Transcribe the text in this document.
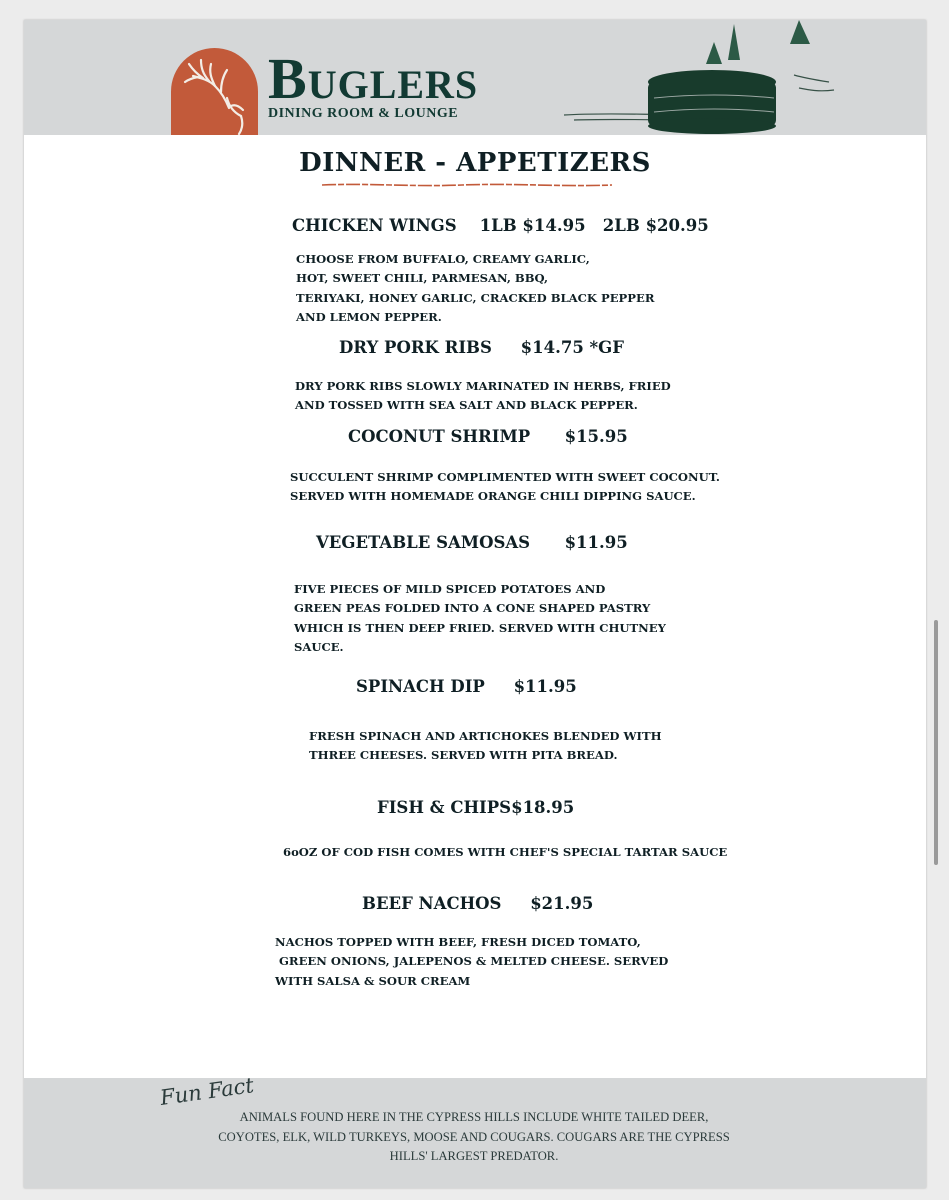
BUGLERS
DINING ROOM & LOUNGE
DINNER - APPETIZERS
CHICKEN WINGS 1LB $14.95   2LB $20.95
CHOOSE FROM BUFFALO, CREAMY GARLIC,
HOT, SWEET CHILI, PARMESAN, BBQ,
TERIYAKI, HONEY GARLIC, CRACKED BLACK PEPPER
AND LEMON PEPPER.
DRY PORK RIBS $14.75 *GF
DRY PORK RIBS SLOWLY MARINATED IN HERBS, FRIED
AND TOSSED WITH SEA SALT AND BLACK PEPPER.
COCONUT SHRIMP $15.95
SUCCULENT SHRIMP COMPLIMENTED WITH SWEET COCONUT.
SERVED WITH HOMEMADE ORANGE CHILI DIPPING SAUCE.
VEGETABLE SAMOSAS $11.95
FIVE PIECES OF MILD SPICED POTATOES AND
GREEN PEAS FOLDED INTO A CONE SHAPED PASTRY
WHICH IS THEN DEEP FRIED. SERVED WITH CHUTNEY
SAUCE.
SPINACH DIP $11.95
FRESH SPINACH AND ARTICHOKES BLENDED WITH
THREE CHEESES. SERVED WITH PITA BREAD.
FISH & CHIPS$18.95
6oOZ OF COD FISH COMES WITH CHEF'S SPECIAL TARTAR SAUCE
BEEF NACHOS $21.95
NACHOS TOPPED WITH BEEF, FRESH DICED TOMATO,
GREEN ONIONS, JALEPENOS & MELTED CHEESE. SERVED
WITH SALSA & SOUR CREAM
Fun Fact
ANIMALS FOUND HERE IN THE CYPRESS HILLS INCLUDE WHITE TAILED DEER,
COYOTES, ELK, WILD TURKEYS, MOOSE AND COUGARS. COUGARS ARE THE CYPRESS
HILLS' LARGEST PREDATOR.
